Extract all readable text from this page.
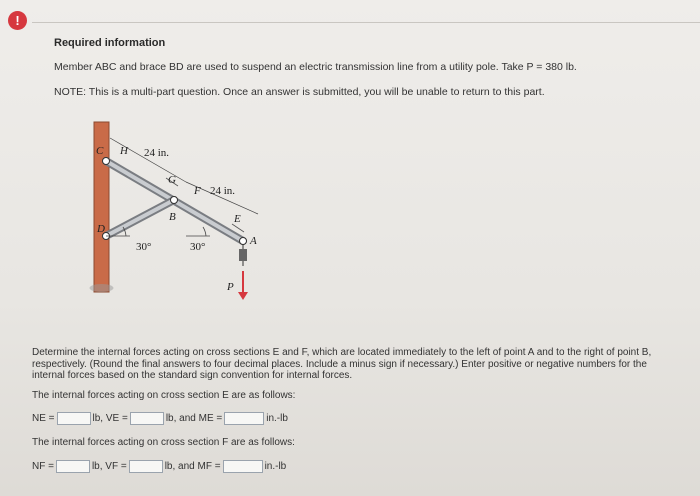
!
Required information
Member ABC and brace BD are used to suspend an electric transmission line from a utility pole. Take P = 380 lb.
NOTE: This is a multi-part question. Once an answer is submitted, you will be unable to return to this part.
C H 24 in.
G
F 24 in.
B	E
D
A
30°	30°
P
Determine the internal forces acting on cross sections E and F, which are located immediately to the left of point A and to the right of point B, respectively. (Round the final answers to four decimal places. Include a minus sign if necessary.) Enter positive or negative numbers for the internal forces based on the standard sign convention for internal forces.
The internal forces acting on cross section E are as follows:
NE =	lb, VE =	lb, and ME =	in.-lb
The internal forces acting on cross section F are as follows:
NF =	lb, VF =	lb, and MF =	in.-lb
